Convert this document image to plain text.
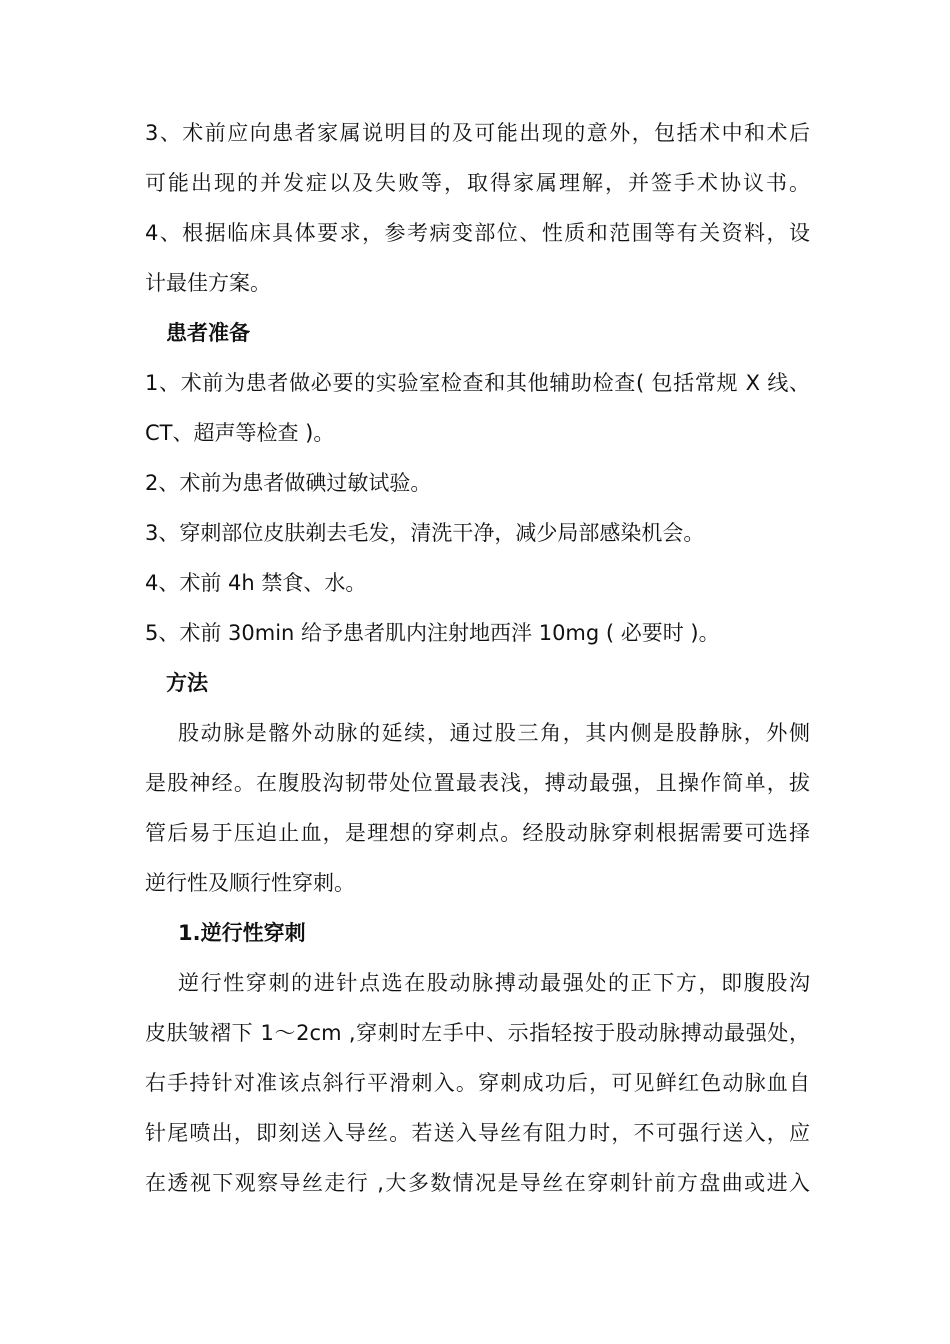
3、术前应向患者家属说明目的及可能出现的意外，包括术中和术后
可能出现的并发症以及失败等，取得家属理解，并签手术协议书。
4、根据临床具体要求，参考病变部位、性质和范围等有关资料，设
计最佳方案。
患者准备
1、术前为患者做必要的实验室检查和其他辅助检查( 包括常规 X 线、
CT、超声等检查 )。
2、术前为患者做碘过敏试验。
3、穿刺部位皮肤剃去毛发，清洗干净，减少局部感染机会。
4、术前 4h 禁食、水。
5、术前 30min 给予患者肌内注射地西泮 10mg ( 必要时 )。
方法
股动脉是髂外动脉的延续，通过股三角，其内侧是股静脉，外侧
是股神经。在腹股沟韧带处位置最表浅，搏动最强，且操作简单，拔
管后易于压迫止血，是理想的穿刺点。经股动脉穿刺根据需要可选择
逆行性及顺行性穿刺。
1.逆行性穿刺
逆行性穿刺的进针点选在股动脉搏动最强处的正下方，即腹股沟
皮肤皱褶下 1～2cm ,穿刺时左手中、示指轻按于股动脉搏动最强处，
右手持针对准该点斜行平滑刺入。穿刺成功后，可见鲜红色动脉血自
针尾喷出，即刻送入导丝。若送入导丝有阻力时，不可强行送入，应
在透视下观察导丝走行 ,大多数情况是导丝在穿刺针前方盘曲或进入
